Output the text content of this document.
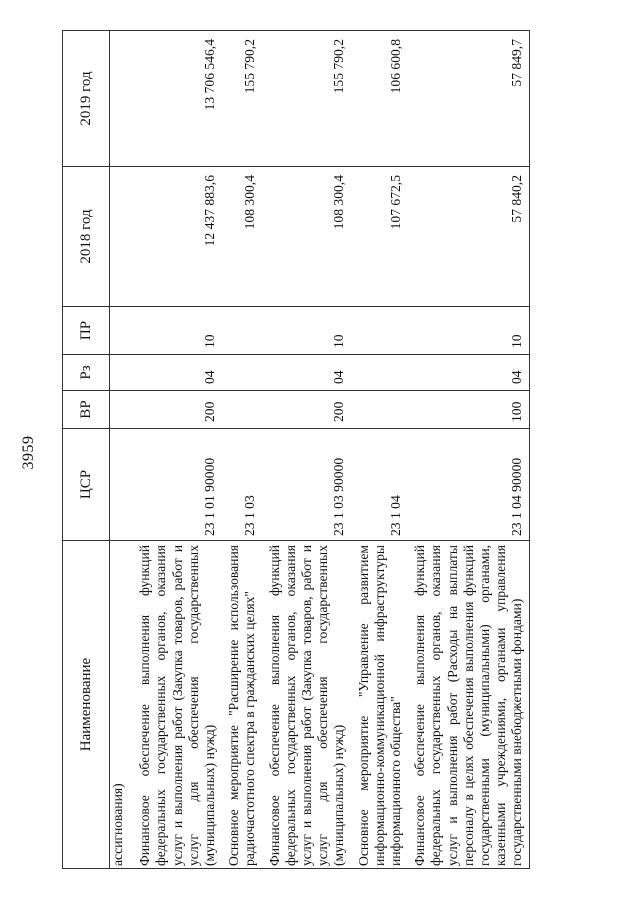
3959
Наименование	ЦСР	ВР	Рз	ПР	2018 год	2019 год
ассигнования)						
Финансовое обеспечение выполнения функций федеральных государственных органов, оказания услуг и выполнения работ (Закупка товаров, работ и услуг для обеспечения государственных (муниципальных) нужд)	23 1 01 90000	200	04	10	12 437 883,6	13 706 546,4
Основное мероприятие "Расширение использования радиочастотного спектра в гражданских целях"	23 1 03				108 300,4	155 790,2
Финансовое обеспечение выполнения функций федеральных государственных органов, оказания услуг и выполнения работ (Закупка товаров, работ и услуг для обеспечения государственных (муниципальных) нужд)	23 1 03 90000	200	04	10	108 300,4	155 790,2
Основное мероприятие "Управление развитием информационно-коммуникационной инфраструктуры информационного общества"	23 1 04				107 672,5	106 600,8
Финансовое обеспечение выполнения функций федеральных государственных органов, оказания услуг и выполнения работ (Расходы на выплаты персоналу в целях обеспечения выполнения функций государственными (муниципальными) органами, казенными учреждениями, органами управления государственными внебюджетными фондами)	23 1 04 90000	100	04	10	57 840,2	57 849,7
